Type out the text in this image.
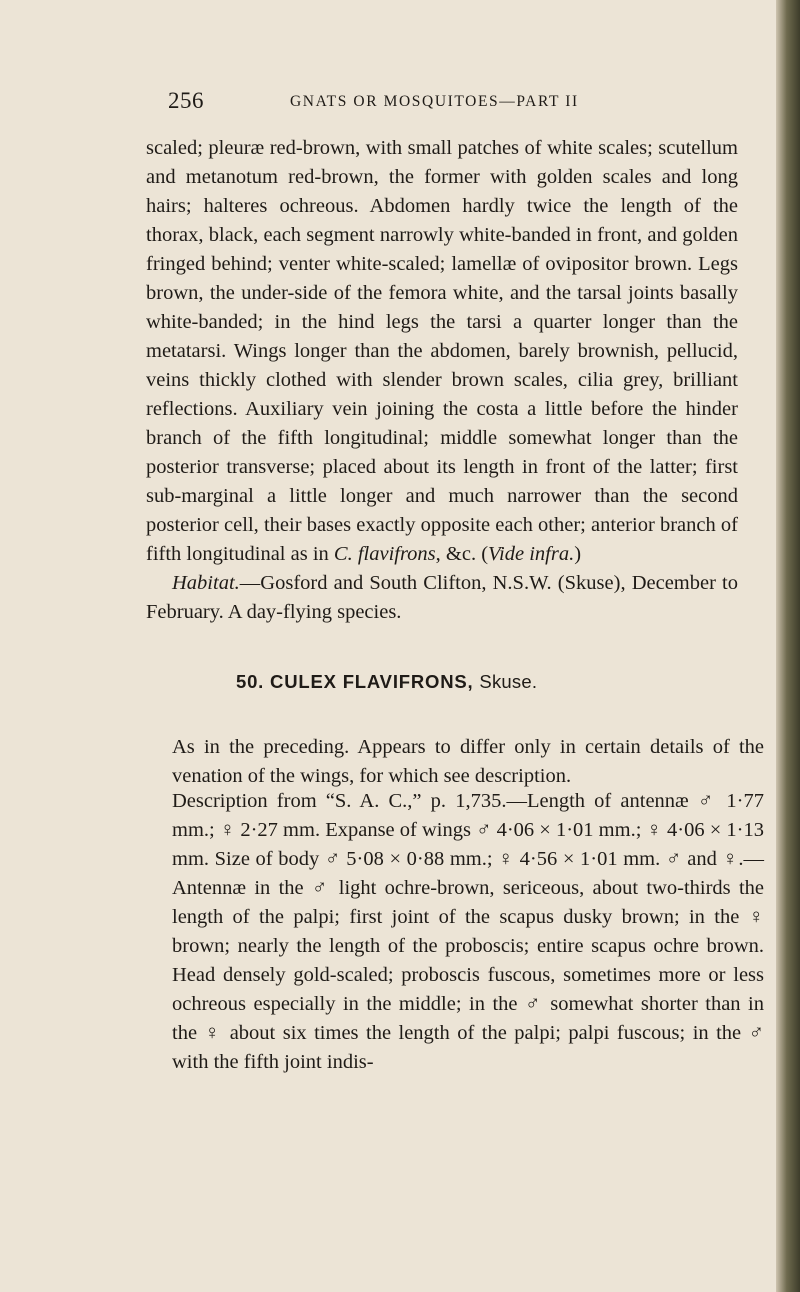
256	GNATS OR MOSQUITOES—PART II

scaled; pleuræ red-brown, with small patches of white scales; scutellum and metanotum red-brown, the former with golden scales and long hairs; halteres ochreous. Abdomen hardly twice the length of the thorax, black, each segment narrowly white-banded in front, and golden fringed behind; venter white-scaled; lamellæ of ovipositor brown. Legs brown, the under-side of the femora white, and the tarsal joints basally white-banded; in the hind legs the tarsi a quarter longer than the metatarsi. Wings longer than the abdomen, barely brownish, pellucid, veins thickly clothed with slender brown scales, cilia grey, brilliant reflections. Auxiliary vein joining the costa a little before the hinder branch of the fifth longitudinal; middle somewhat longer than the posterior transverse; placed about its length in front of the latter; first sub-marginal a little longer and much narrower than the second posterior cell, their bases exactly opposite each other; anterior branch of fifth longitudinal as in C. flavifrons, &c. (Vide infra.)
Habitat.—Gosford and South Clifton, N.S.W. (Skuse), December to February. A day-flying species.

50. CULEX FLAVIFRONS, Skuse.

As in the preceding. Appears to differ only in certain details of the venation of the wings, for which see description.

Description from “S. A. C.,” p. 1,735.—Length of antennæ ♂ 1·77 mm.; ♀ 2·27 mm. Expanse of wings ♂ 4·06 × 1·01 mm.; ♀ 4·06 × 1·13 mm. Size of body ♂ 5·08 × 0·88 mm.; ♀ 4·56 × 1·01 mm. ♂ and ♀.—Antennæ in the ♂ light ochre-brown, sericeous, about two-thirds the length of the palpi; first joint of the scapus dusky brown; in the ♀ brown; nearly the length of the proboscis; entire scapus ochre brown. Head densely gold-scaled; proboscis fuscous, sometimes more or less ochreous especially in the middle; in the ♂ somewhat shorter than in the ♀ about six times the length of the palpi; palpi fuscous; in the ♂ with the fifth joint indis-
